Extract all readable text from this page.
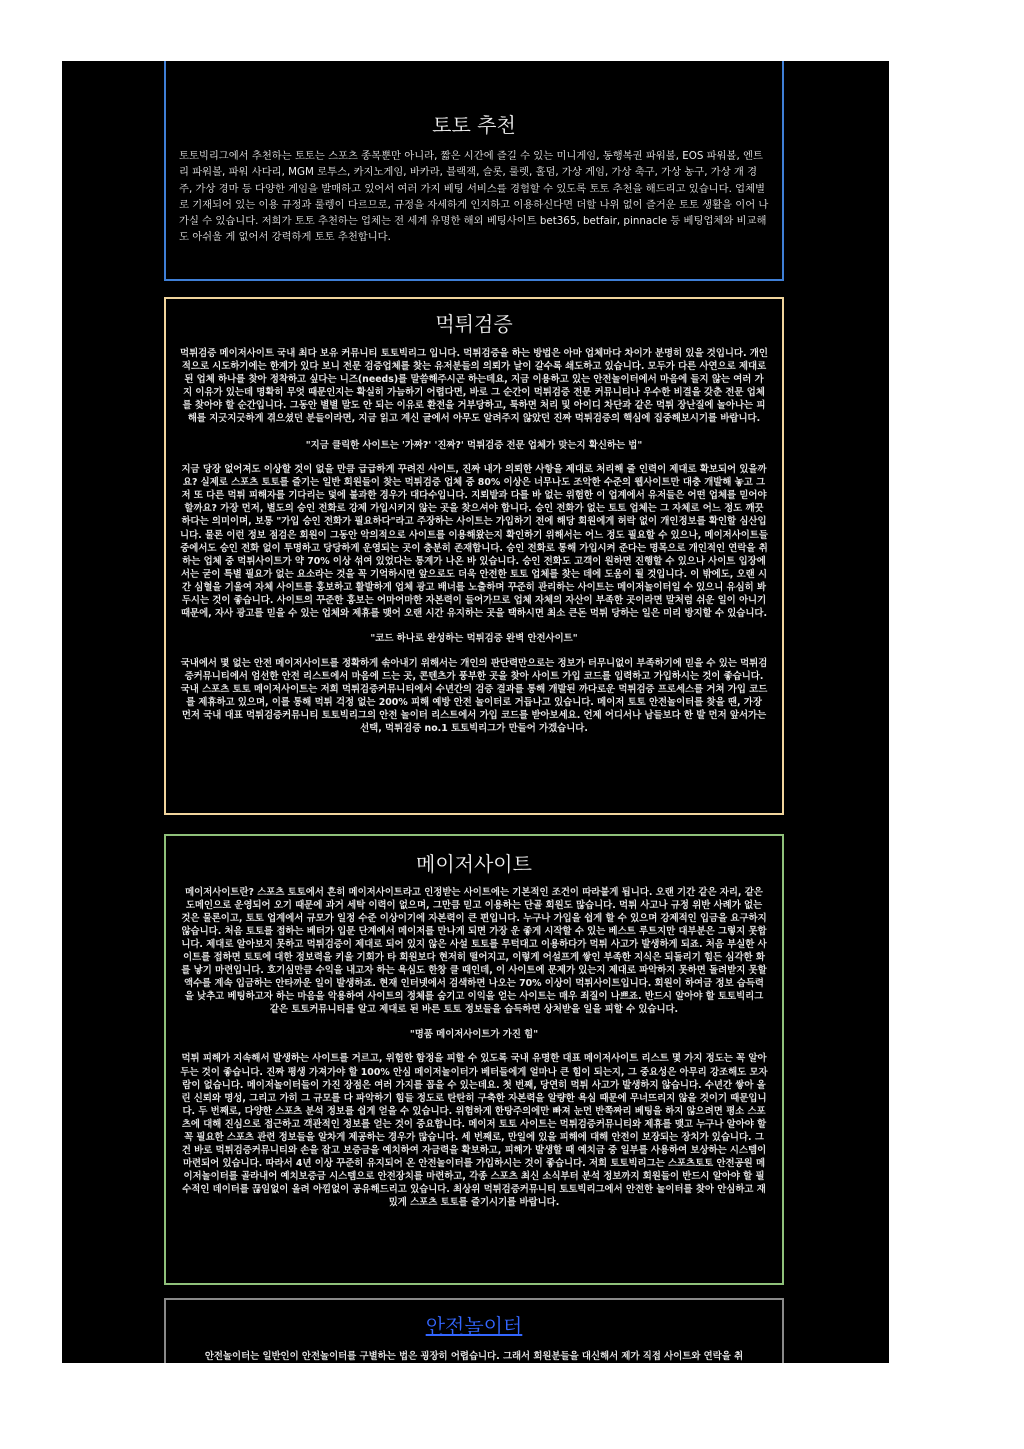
토토 추천

토토빅리그에서 추천하는 토토는 스포츠 종목뿐만 아니라, 짧은 시간에 즐길 수 있는 미니게임, 동행복권 파워볼, EOS 파워볼, 엔트리 파워볼, 파워 사다리, MGM 로투스, 카지노게임, 바카라, 블랙잭, 슬롯, 룰렛, 홀덤, 가상 게임, 가상 축구, 가상 농구, 가상 개 경주, 가상 경마 등 다양한 게임을 발매하고 있어서 여러 가지 베팅 서비스를 경험할 수 있도록 토토 추천을 해드리고 있습니다. 업체별로 기재되어 있는 이용 규정과 룰렝이 다르므로, 규정을 자세하게 인지하고 이용하신다면 더할 나위 없이 즐거운 토토 생활을 이어 나가실 수 있습니다. 저희가 토토 추천하는 업체는 전 세계 유명한 해외 베팅사이트 bet365, betfair, pinnacle 등 베팅업체와 비교해도 아쉬울 게 없어서 강력하게 토토 추천합니다.

먹튀검증

먹튀검증 메이저사이트 국내 최다 보유 커뮤니티 토토빅리그 입니다. 먹튀검증을 하는 방법은 아마 업체마다 차이가 분명히 있을 것입니다. 개인적으로 시도하기에는 한계가 있다 보니 전문 검증업체를 찾는 유저분들의 의뢰가 날이 갈수록 쇄도하고 있습니다. 모두가 다른 사연으로 제대로 된 업체 하나를 찾아 정착하고 싶다는 니즈(needs)를 말씀해주시곤 하는데요, 지금 이용하고 있는 안전놀이터에서 마음에 들지 않는 여러 가지 이유가 있는데 명확히 무엇 때문인지는 확실히 가늠하기 어렵다면, 바로 그 순간이 먹튀검증 전문 커뮤니티나 우수한 비결을 갖춘 전문 업체를 찾아야 할 순간입니다. 그동안 별별 말도 안 되는 이유로 환전을 거부당하고, 툭하면 처리 및 아이디 차단과 같은 먹튀 장난질에 놀아나는 피해를 지긋지긋하게 겪으셨던 분들이라면, 지금 읽고 계신 글에서 아무도 알려주지 않았던 진짜 먹튀검증의 핵심에 집중해보시기를 바랍니다.

"지금 클릭한 사이트는 '가짜?' '진짜?' 먹튀검증 전문 업체가 맞는지 확신하는 법"

지금 당장 없어져도 이상할 것이 없을 만큼 급급하게 꾸려진 사이트, 진짜 내가 의뢰한 사항을 제대로 처리해 줄 인력이 제대로 확보되어 있을까요? 실제로 스포츠 토토를 즐기는 일반 회원들이 찾는 먹튀검증 업체 중 80% 이상은 너무나도 조악한 수준의 웹사이트만 대충 개발해 놓고 그저 또 다른 먹튀 피해자를 기다리는 덫에 불과한 경우가 대다수입니다. 지뢰밭과 다를 바 없는 위험한 이 업계에서 유저들은 어떤 업체를 믿어야 할까요? 가장 먼저, 별도의 승인 전화로 강제 가입시키지 않는 곳을 찾으셔야 합니다. 승인 전화가 없는 토토 업체는 그 자체로 어느 정도 깨끗하다는 의미이며, 보통 "가입 승인 전화가 필요하다"라고 주장하는 사이트는 가입하기 전에 해당 회원에게 허락 없이 개인정보를 확인할 심산입니다. 물론 이런 정보 점검은 회원이 그동안 악의적으로 사이트를 이용해왔는지 확인하기 위해서는 어느 정도 필요할 수 있으나, 메이저사이트들 중에서도 승인 전화 없이 투명하고 당당하게 운영되는 곳이 충분히 존재합니다. 승인 전화로 통해 가입시켜 준다는 명목으로 개인적인 연락을 취하는 업체 중 먹튀사이트가 약 70% 이상 섞여 있었다는 통계가 나온 바 있습니다. 승인 전화도 고객이 원하면 진행할 수 있으나 사이트 입장에서는 굳이 특별 필요가 없는 요소라는 것을 꼭 기억하시면 앞으로도 더욱 안전한 토토 업체를 찾는 데에 도움이 될 것입니다. 이 밖에도, 오랜 시간 심혈을 기울여 자체 사이트를 홍보하고 활발하게 업체 광고 배너를 노출하며 꾸준히 관리하는 사이트는 메이저놀이터일 수 있으니 유심히 봐 두시는 것이 좋습니다. 사이트의 꾸준한 홍보는 어마어마한 자본력이 들어가므로 업체 자체의 자산이 부족한 곳이라면 말처럼 쉬운 일이 아니기 때문에, 자사 광고를 믿을 수 있는 업체와 제휴를 맺어 오랜 시간 유지하는 곳을 택하시면 최소 큰돈 먹튀 당하는 일은 미리 방지할 수 있습니다.

"코드 하나로 완성하는 먹튀검증 완벽 안전사이트"

국내에서 몇 없는 안전 메이저사이트를 정확하게 솎아내기 위해서는 개인의 판단력만으로는 정보가 터무니없이 부족하기에 믿을 수 있는 먹튀검증커뮤니티에서 엄선한 안전 리스트에서 마음에 드는 곳, 콘텐츠가 풍부한 곳을 찾아 사이트 가입 코드를 입력하고 가입하시는 것이 좋습니다. 국내 스포츠 토토 메이저사이트는 저희 먹튀검증커뮤니티에서 수년간의 검증 결과를 통해 개발된 까다로운 먹튀검증 프로세스를 거쳐 가입 코드를 제휴하고 있으며, 이를 통해 먹튀 걱정 없는 200% 피해 예방 안전 놀이터로 거듭나고 있습니다. 메이저 토토 안전놀이터를 찾을 땐, 가장 먼저 국내 대표 먹튀검증커뮤니티 토토빅리그의 안전 놀이터 리스트에서 가입 코드를 받아보세요. 언제 어디서나 남들보다 한 발 먼저 앞서가는 선택, 먹튀검증 no.1 토토빅리그가 만들어 가겠습니다.

메이저사이트

메이저사이트란? 스포츠 토토에서 흔히 메이저사이트라고 인정받는 사이트에는 기본적인 조건이 따라붙게 됩니다. 오랜 기간 같은 자리, 같은 도메인으로 운영되어 오기 때문에 과거 세탁 이력이 없으며, 그만큼 믿고 이용하는 단골 회원도 많습니다. 먹튀 사고나 규정 위반 사례가 없는 것은 물론이고, 토토 업계에서 규모가 일정 수준 이상이기에 자본력이 큰 편입니다. 누구나 가입을 쉽게 할 수 있으며 강제적인 입금을 요구하지 않습니다. 처음 토토를 접하는 베터가 입문 단계에서 메이저를 만나게 되면 가장 운 좋게 시작할 수 있는 베스트 루트지만 대부분은 그렇지 못합니다. 제대로 알아보지 못하고 먹튀검증이 제대로 되어 있지 않은 사설 토토를 무턱대고 이용하다가 먹튀 사고가 발생하게 되죠. 처음 부실한 사이트를 접하면 토토에 대한 정보력을 키울 기회가 타 회원보다 현저히 떨어지고, 이렇게 어설프게 쌓인 부족한 지식은 되돌리기 힘든 심각한 화를 낳기 마련입니다. 호기심만큼 수익을 내고자 하는 욕심도 한창 클 때인데, 이 사이트에 문제가 있는지 제대로 파악하지 못하면 돌려받지 못할 액수를 계속 입금하는 안타까운 일이 발생하죠. 현재 인터넷에서 검색하면 나오는 70% 이상이 먹튀사이트입니다. 회원이 하여금 정보 습득력을 낮추고 베팅하고자 하는 마음을 악용하여 사이트의 정체를 숨기고 이익을 얻는 사이트는 매우 죄질이 나쁘죠. 반드시 알아야 할 토토빅리그 같은 토토커뮤니티를 알고 제대로 된 바른 토토 정보들을 습득하면 상처받을 일을 피할 수 있습니다.

"명품 메이저사이트가 가진 힘"

먹튀 피해가 지속해서 발생하는 사이트를 거르고, 위험한 함정을 피할 수 있도록 국내 유명한 대표 메이저사이트 리스트 몇 가지 정도는 꼭 알아두는 것이 좋습니다. 진짜 평생 가져가야 할 100% 안심 메이저놀이터가 베터들에게 얼마나 큰 힘이 되는지, 그 중요성은 아무리 강조해도 모자람이 없습니다. 메이저놀이터들이 가진 장점은 여러 가지를 꼽을 수 있는데요. 첫 번째, 당연히 먹튀 사고가 발생하지 않습니다. 수년간 쌓아 올린 신뢰와 명성, 그리고 가히 그 규모를 다 파악하기 힘들 정도로 탄탄히 구축한 자본력을 알량한 욕심 때문에 무너뜨리지 않을 것이기 때문입니다. 두 번째로, 다양한 스포츠 분석 정보를 쉽게 얻을 수 있습니다. 위험하게 한탕주의에만 빠져 눈먼 반쪽짜리 베팅을 하지 않으려면 평소 스포츠에 대해 진심으로 접근하고 객관적인 정보를 얻는 것이 중요합니다. 메이저 토토 사이트는 먹튀검증커뮤니티와 제휴를 맺고 누구나 알아야 할 꼭 필요한 스포츠 관련 정보들을 알차게 제공하는 경우가 많습니다. 세 번째로, 만일에 있을 피해에 대해 안전이 보장되는 장치가 있습니다. 그건 바로 먹튀검증커뮤니티와 손을 잡고 보증금을 예치하여 자금력을 확보하고, 피해가 발생할 때 예치금 중 일부를 사용하여 보상하는 시스템이 마련되어 있습니다. 따라서 4년 이상 꾸준히 유지되어 온 안전놀이터를 가입하시는 것이 좋습니다. 저희 토토빅리그는 스포츠토토 안전공원 메이저놀이터를 골라내어 예치보증금 시스템으로 안전장치를 마련하고, 각종 스포츠 최신 소식부터 분석 정보까지 회원들이 반드시 알아야 할 필수적인 데이터를 끊임없이 올려 아낌없이 공유해드리고 있습니다. 최상위 먹튀검증커뮤니티 토토빅리그에서 안전한 놀이터를 찾아 안심하고 재밌게 스포츠 토토를 즐기시기를 바랍니다.

안전놀이터

안전놀이터는 일반인이 안전놀이터를 구별하는 법은 굉장히 어렵습니다. 그래서 회원분들을 대신해서 제가 직접 사이트와 연락을 취
